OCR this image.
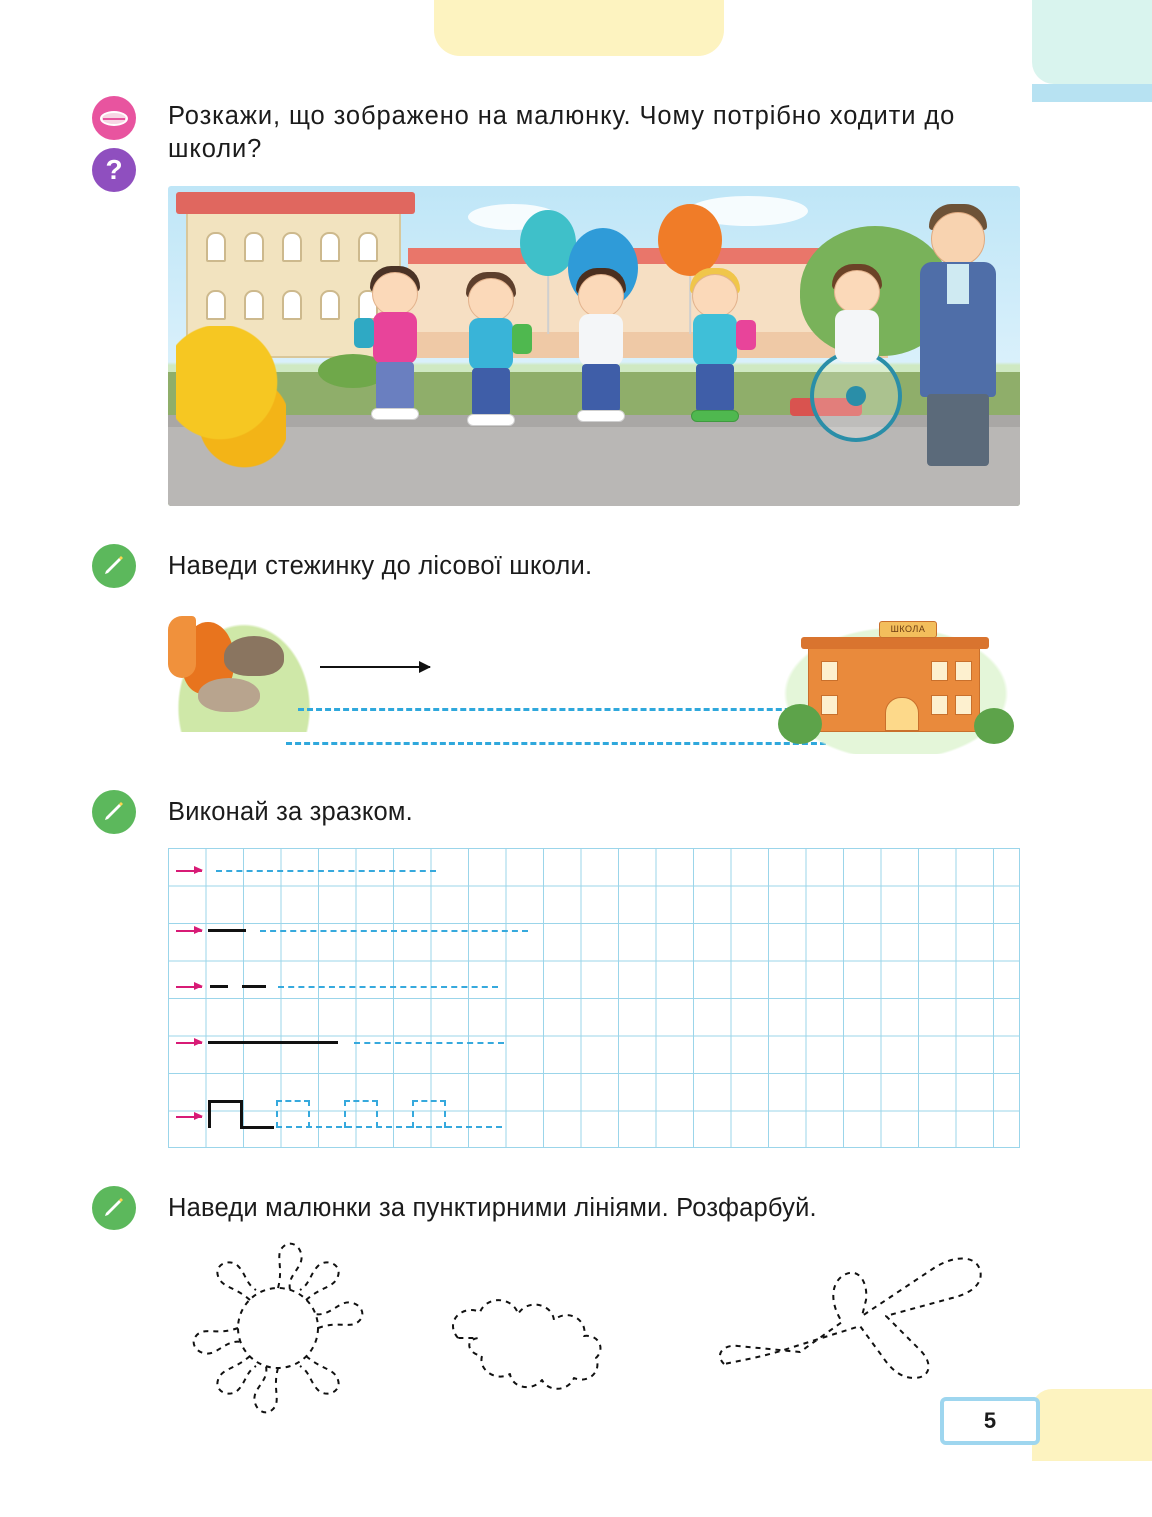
?
Розкажи, що зображено на малюнку. Чому потрібно ходити до школи?
Наведи стежинку до лісової школи.
ШКОЛА
Виконай за зразком.
Наведи малюнки за пунктирними лініями. Розфарбуй.
5
